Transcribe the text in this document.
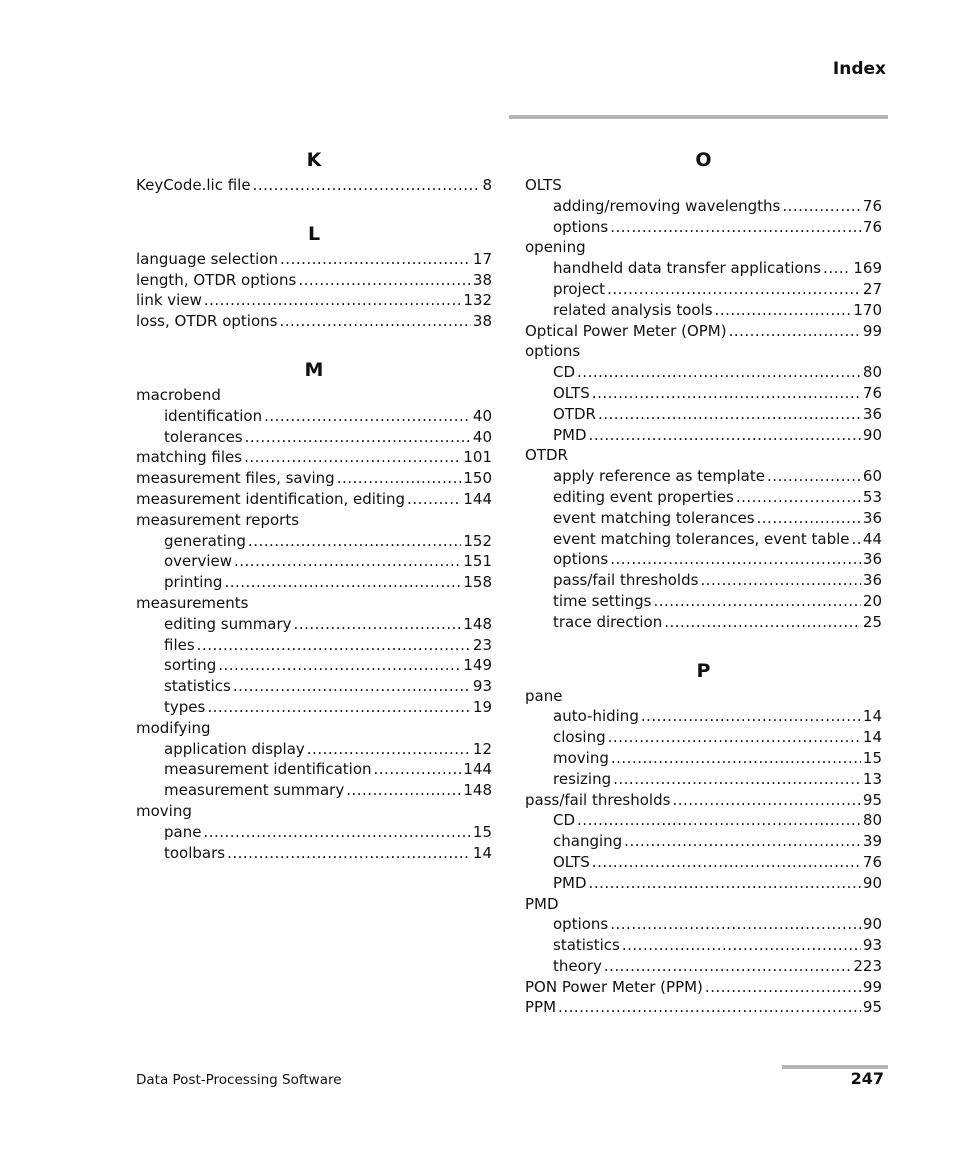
Index
K
KeyCode.lic file .....	8
L
language selection .....	17
length, OTDR options .....	38
link view .....	132
loss, OTDR options .....	38
M
macrobend
identification .....	40
tolerances .....	40
matching files .....	101
measurement files, saving .....	150
measurement identification, editing .....	144
measurement reports
generating .....	152
overview .....	151
printing .....	158
measurements
editing summary .....	148
files .....	23
sorting .....	149
statistics .....	93
types .....	19
modifying
application display .....	12
measurement identification .....	144
measurement summary .....	148
moving
pane .....	15
toolbars .....	14
O
OLTS
adding/removing wavelengths .....	76
options .....	76
opening
handheld data transfer applications ..... 169
project .....	27
related analysis tools .....	170
Optical Power Meter (OPM) .....	99
options
CD .....	80
OLTS .....	76
OTDR .....	36
PMD .....	90
OTDR
apply reference as template .....	60
editing event properties .....	53
event matching tolerances .....	36
event matching tolerances, event table ..... 44
options .....	36
pass/fail thresholds .....	36
time settings .....	20
trace direction .....	25
P
pane
auto-hiding .....	14
closing .....	14
moving .....	15
resizing .....	13
pass/fail thresholds .....	95
CD .....	80
changing .....	39
OLTS .....	76
PMD .....	90
PMD
options .....	90
statistics .....	93
theory .....	223
PON Power Meter (PPM) .....	99
PPM .....	95
Data Post-Processing Software	247
